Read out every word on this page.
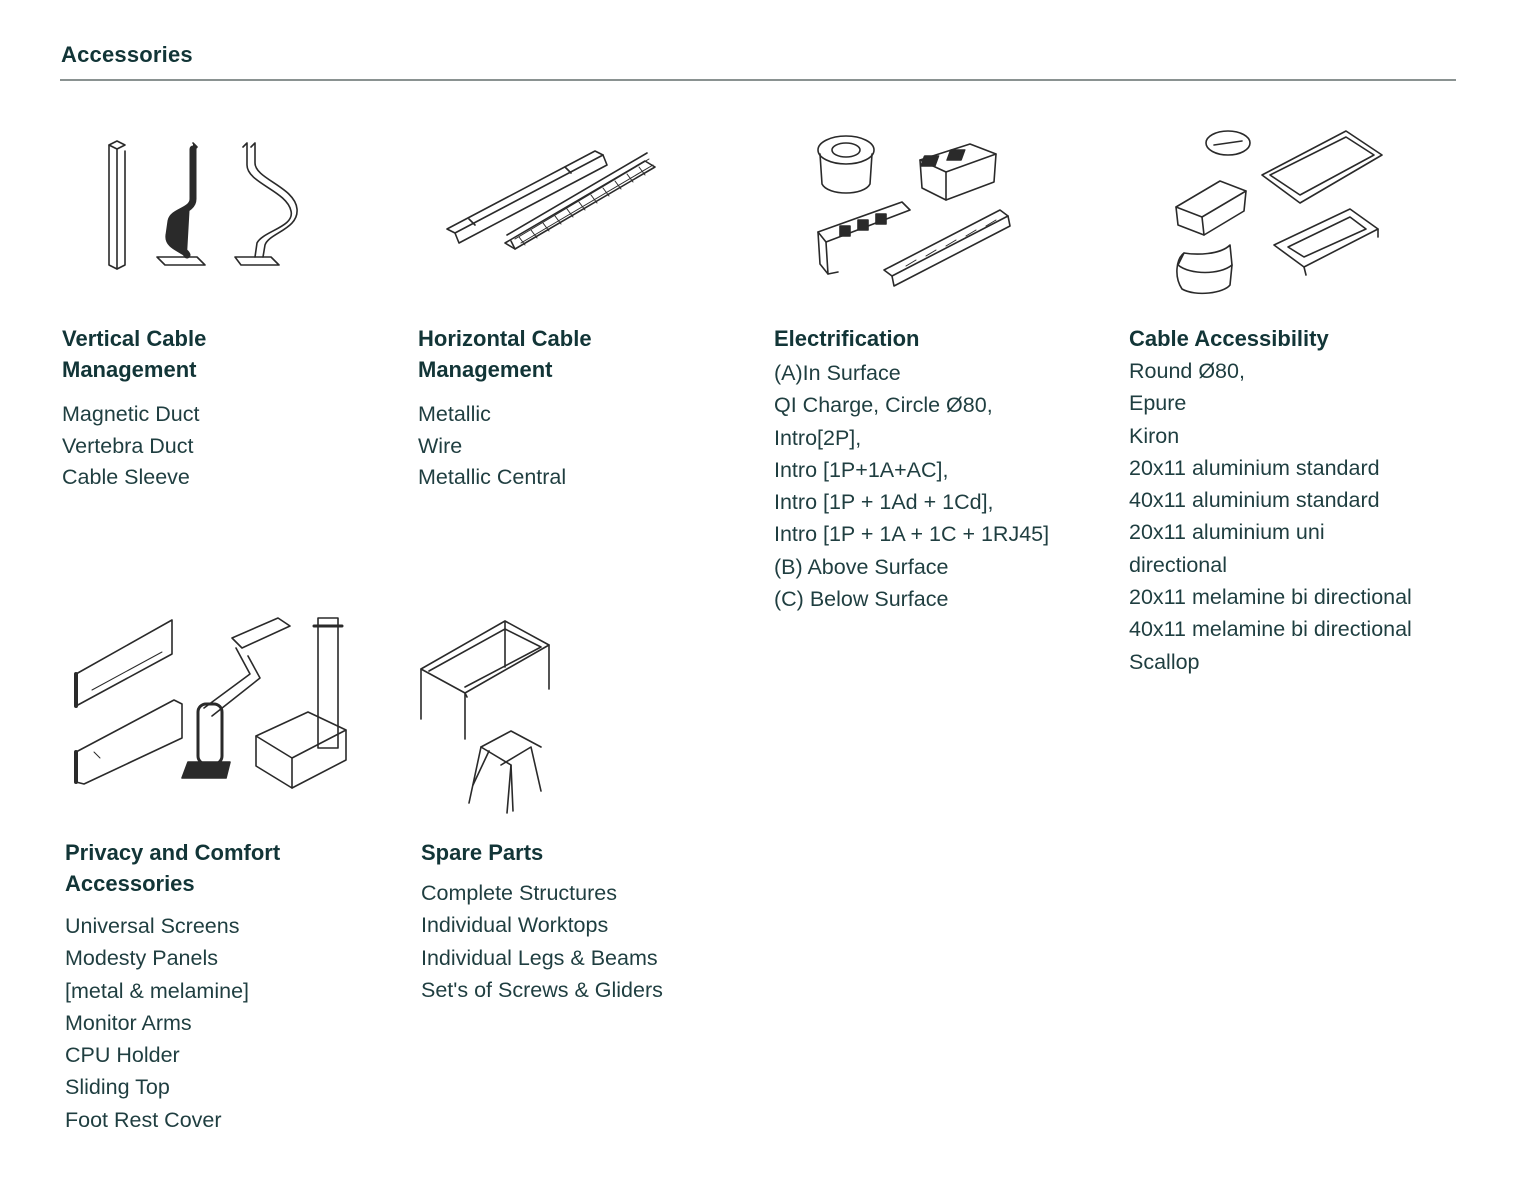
Accessories
Vertical Cable
Management
Magnetic Duct
Vertebra Duct
Cable Sleeve
Horizontal Cable
Management
Metallic
Wire
Metallic Central
Electrification
(A)In Surface
QI Charge, Circle Ø80,
Intro[2P],
Intro [1P+1A+AC],
Intro [1P + 1Ad + 1Cd],
Intro [1P + 1A + 1C + 1RJ45]
(B) Above Surface
(C) Below Surface
Cable Accessibility
Round Ø80,
Epure
Kiron
20x11 aluminium standard
40x11 aluminium standard
20x11 aluminium uni
directional
20x11 melamine bi directional
40x11 melamine bi directional
Scallop
Privacy and Comfort
Accessories
Universal Screens
Modesty Panels
[metal & melamine]
Monitor Arms
CPU Holder
Sliding Top
Foot Rest Cover
Spare Parts
Complete Structures
Individual Worktops
Individual Legs & Beams
Set's of Screws & Gliders
